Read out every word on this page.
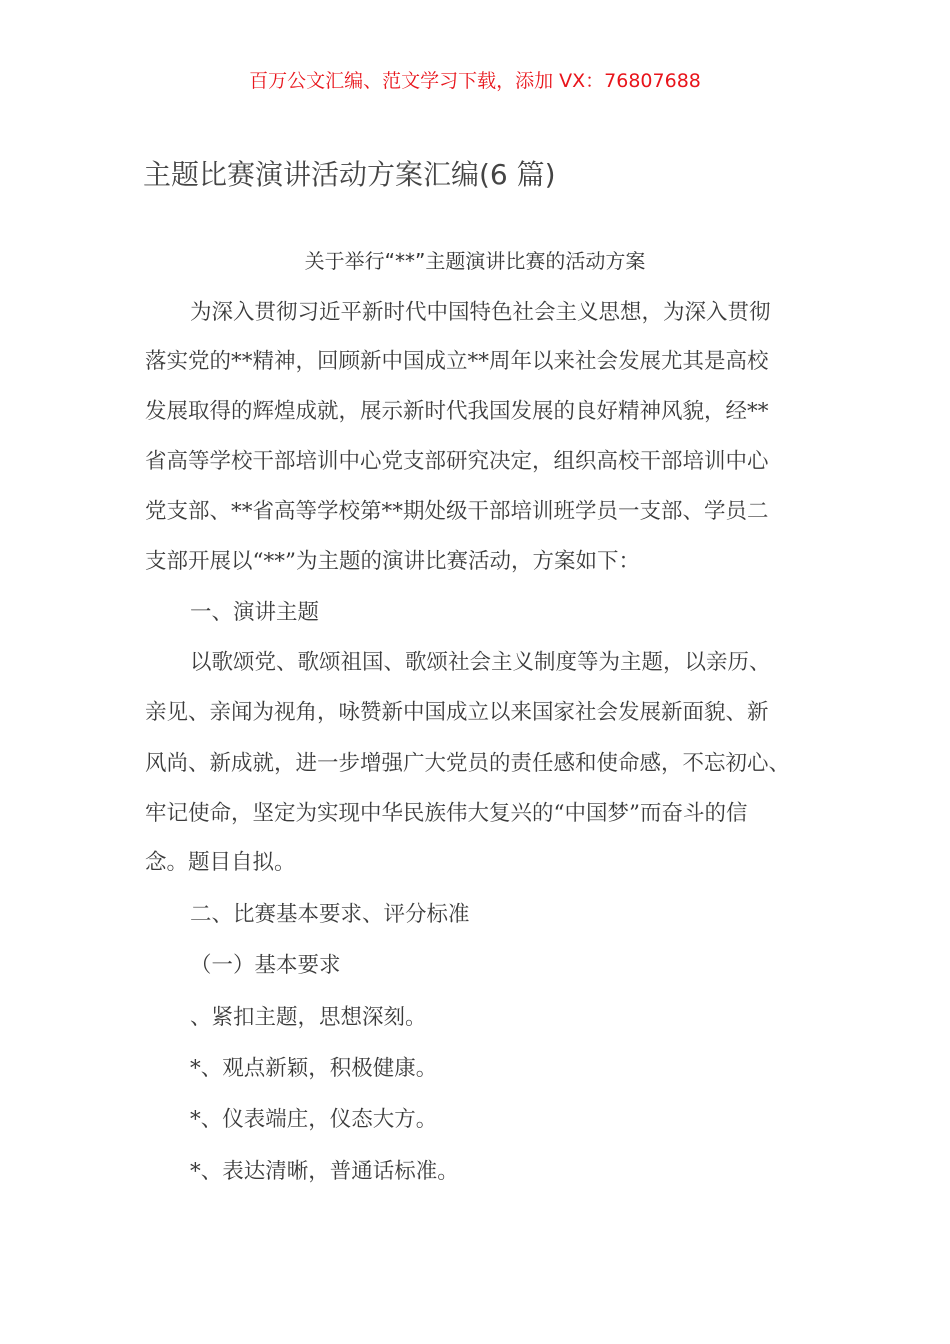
百万公文汇编、范文学习下载，添加 VX：76807688
主题比赛演讲活动方案汇编(6 篇)
关于举行“**”主题演讲比赛的活动方案
为深入贯彻习近平新时代中国特色社会主义思想，为深入贯彻
落实党的**精神，回顾新中国成立**周年以来社会发展尤其是高校
发展取得的辉煌成就，展示新时代我国发展的良好精神风貌，经**
省高等学校干部培训中心党支部研究决定，组织高校干部培训中心
党支部、**省高等学校第**期处级干部培训班学员一支部、学员二
支部开展以“**”为主题的演讲比赛活动，方案如下：
一、演讲主题
以歌颂党、歌颂祖国、歌颂社会主义制度等为主题，以亲历、
亲见、亲闻为视角，咏赞新中国成立以来国家社会发展新面貌、新
风尚、新成就，进一步增强广大党员的责任感和使命感，不忘初心、
牢记使命，坚定为实现中华民族伟大复兴的“中国梦”而奋斗的信
念。题目自拟。
二、比赛基本要求、评分标准
（一）基本要求
、紧扣主题，思想深刻。
*、观点新颖，积极健康。
*、仪表端庄，仪态大方。
*、表达清晰，普通话标准。
